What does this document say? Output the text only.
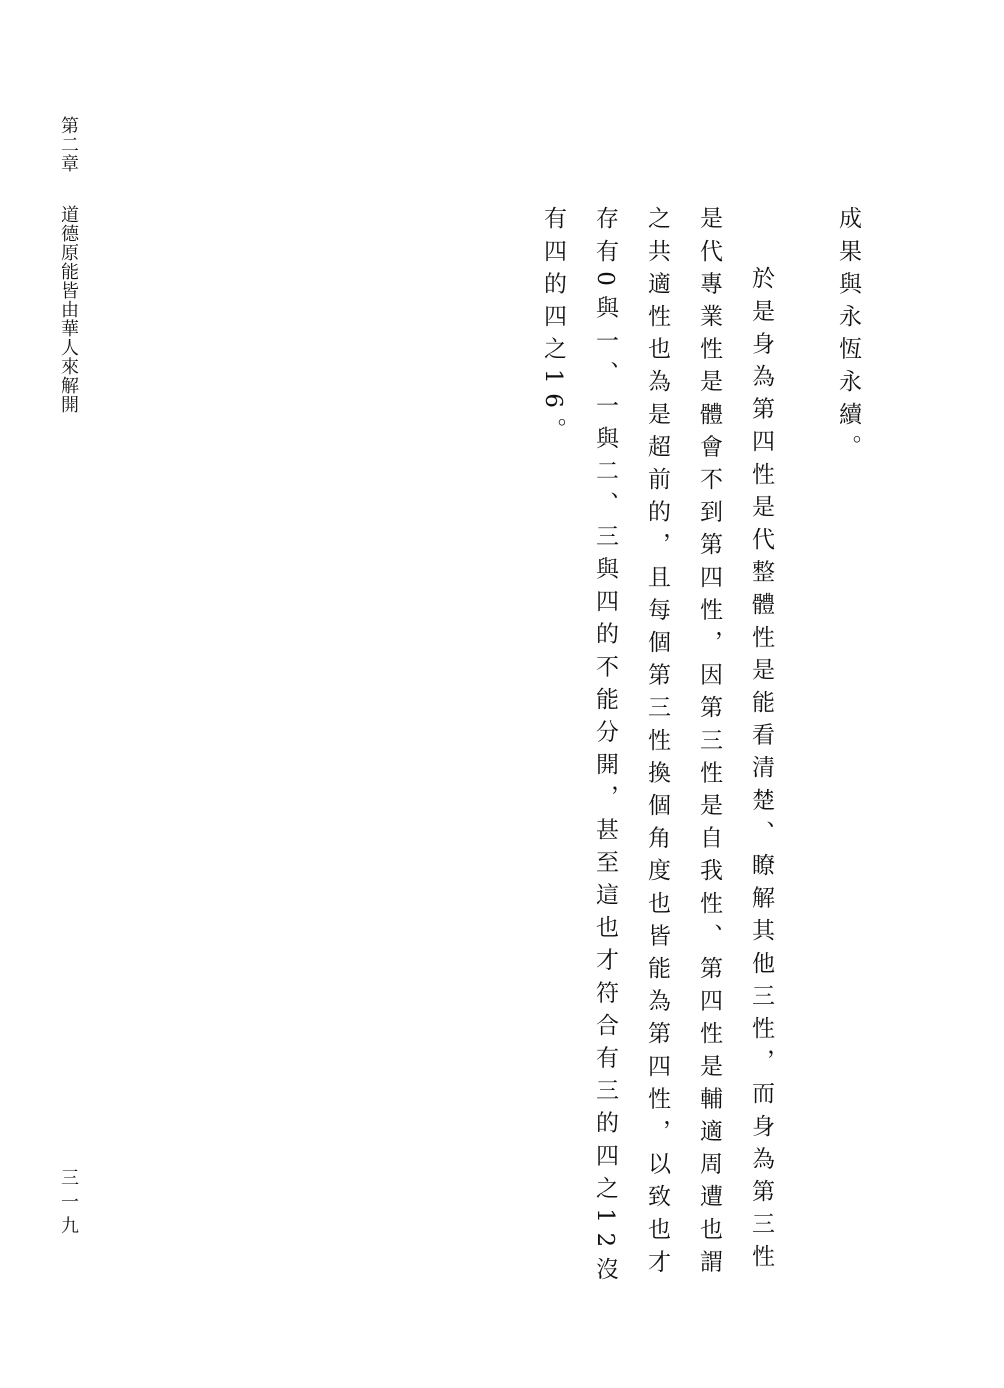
第二章道德原能皆由華人來解開
三一九

成果與永恆永續。

於是身為第四性是代整體性是能看清楚、瞭解其他三性，而身為第三性是代專業性是體會不到第四性，因第三性是自我性、第四性是輔適周遭也謂之共適性也為是超前的，且每個第三性換個角度也皆能為第四性，以致也才存有0與一、一與二、三與四的不能分開，甚至這也才符合有三的四之12沒有四的四之16。
